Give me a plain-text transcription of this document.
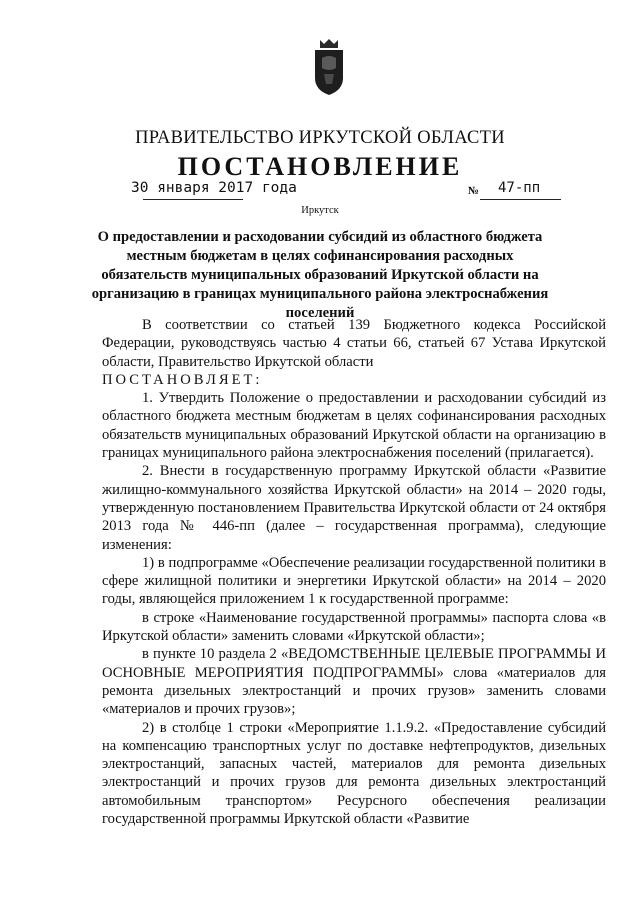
ПРАВИТЕЛЬСТВО ИРКУТСКОЙ ОБЛАСТИ
ПОСТАНОВЛЕНИЕ
30 января 2017 года	№ 47-пп
Иркутск
О предоставлении и расходовании субсидий из областного бюджета местным бюджетам в целях софинансирования расходных обязательств муниципальных образований Иркутской области на организацию в границах муниципального района электроснабжения поселений

В соответствии со статьей 139 Бюджетного кодекса Российской Федерации, руководствуясь частью 4 статьи 66, статьей 67 Устава Иркутской области, Правительство Иркутской области

ПОСТАНОВЛЯЕТ:

1. Утвердить Положение о предоставлении и расходовании субсидий из областного бюджета местным бюджетам в целях софинансирования расходных обязательств муниципальных образований Иркутской области на организацию в границах муниципального района электроснабжения поселений (прилагается).

2. Внести в государственную программу Иркутской области «Развитие жилищно-коммунального хозяйства Иркутской области» на 2014 – 2020 годы, утвержденную постановлением Правительства Иркутской области от 24 октября 2013 года № 446-пп (далее – государственная программа), следующие изменения:

1) в подпрограмме «Обеспечение реализации государственной политики в сфере жилищной политики и энергетики Иркутской области» на 2014 – 2020 годы, являющейся приложением 1 к государственной программе:

в строке «Наименование государственной программы» паспорта слова «в Иркутской области» заменить словами «Иркутской области»;

в пункте 10 раздела 2 «ВЕДОМСТВЕННЫЕ ЦЕЛЕВЫЕ ПРОГРАММЫ И ОСНОВНЫЕ МЕРОПРИЯТИЯ ПОДПРОГРАММЫ» слова «материалов для ремонта дизельных электростанций и прочих грузов» заменить словами «материалов и прочих грузов»;

2) в столбце 1 строки «Мероприятие 1.1.9.2. «Предоставление субсидий на компенсацию транспортных услуг по доставке нефтепродуктов, дизельных электростанций, запасных частей, материалов для ремонта дизельных электростанций и прочих грузов для ремонта дизельных электростанций автомобильным транспортом» Ресурсного обеспечения реализации государственной программы Иркутской области «Развитие
